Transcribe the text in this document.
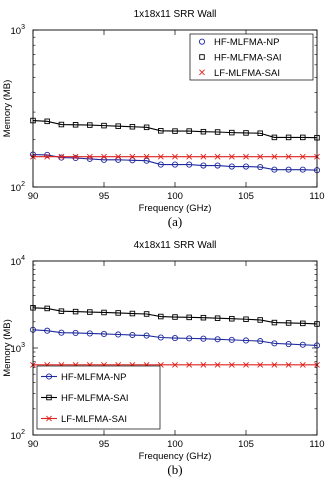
1x18x11 SRR Wall
$10^2$
$10^3$
90	95	100	105	110
Frequency (GHz)
Memory (MB)
HF-MLFMA-NP
HF-MLFMA-SAI
LF-MLFMA-SAI
(a)
4x18x11 SRR Wall
$10^2$
$10^3$
$10^4$
90	95	100	105	110
Frequency (GHz)
Memory (MB)
HF-MLFMA-NP
HF-MLFMA-SAI
LF-MLFMA-SAI
(b)
